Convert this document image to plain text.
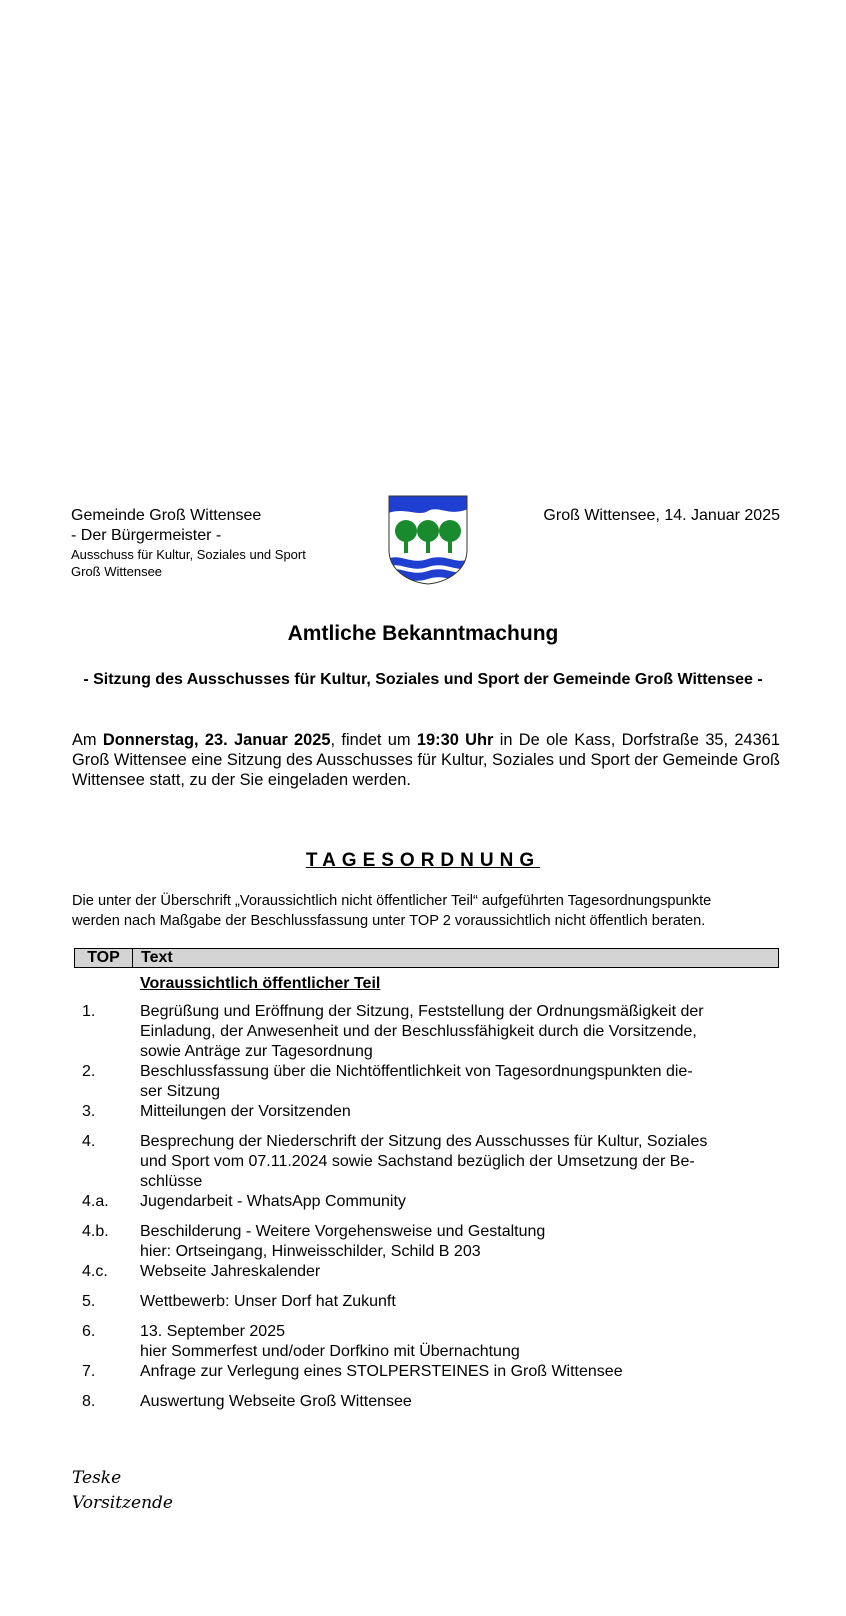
Gemeinde Groß Wittensee
- Der Bürgermeister -
Ausschuss für Kultur, Soziales und Sport
Groß Wittensee
Groß Wittensee, 14. Januar 2025
Amtliche Bekanntmachung
- Sitzung des Ausschusses für Kultur, Soziales und Sport der Gemeinde Groß Wittensee -
Am Donnerstag, 23. Januar 2025, findet um 19:30 Uhr in De ole Kass, Dorfstraße 35, 24361 Groß Wittensee eine Sitzung des Ausschusses für Kultur, Soziales und Sport der Gemeinde Groß Wittensee statt, zu der Sie eingeladen werden.
TAGESORDNUNG
Die unter der Überschrift „Voraussichtlich nicht öffentlicher Teil“ aufgeführten Tagesordnungspunkte
werden nach Maßgabe der Beschlussfassung unter TOP 2 voraussichtlich nicht öffentlich beraten.
TOP	Text
Voraussichtlich öffentlicher Teil
1.	Begrüßung und Eröffnung der Sitzung, Feststellung der Ordnungsmäßigkeit der
Einladung, der Anwesenheit und der Beschlussfähigkeit durch die Vorsitzende,
sowie Anträge zur Tagesordnung
2.	Beschlussfassung über die Nichtöffentlichkeit von Tagesordnungspunkten die-
ser Sitzung
3.	Mitteilungen der Vorsitzenden
4.	Besprechung der Niederschrift der Sitzung des Ausschusses für Kultur, Soziales
und Sport vom 07.11.2024 sowie Sachstand bezüglich der Umsetzung der Be-
schlüsse
4.a. Jugendarbeit - WhatsApp Community
4.b. Beschilderung - Weitere Vorgehensweise und Gestaltung
hier: Ortseingang, Hinweisschilder, Schild B 203
4.c. Webseite Jahreskalender
5.	Wettbewerb: Unser Dorf hat Zukunft
6.	13. September 2025
hier Sommerfest und/oder Dorfkino mit Übernachtung
7.	Anfrage zur Verlegung eines STOLPERSTEINES in Groß Wittensee
8.	Auswertung Webseite Groß Wittensee
Teske
Vorsitzende
